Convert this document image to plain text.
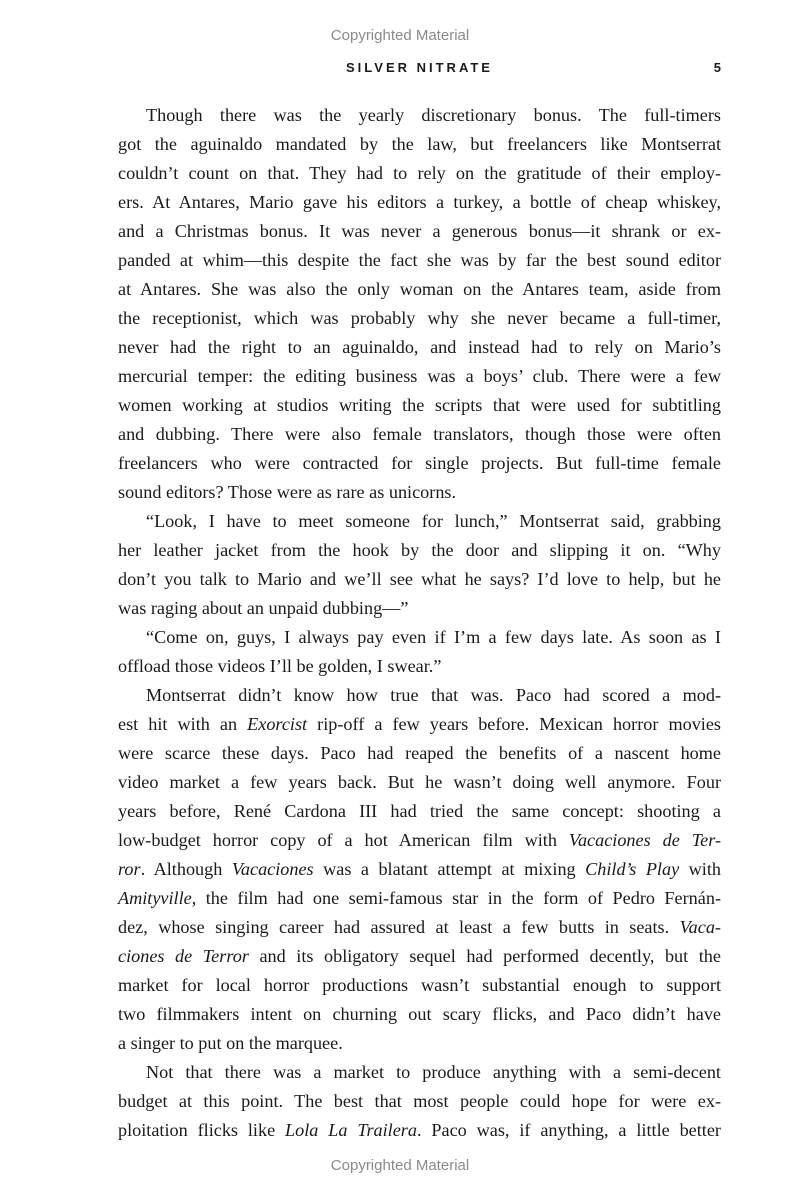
Copyrighted Material
SILVER NITRATE	5
Though there was the yearly discretionary bonus. The full-timers
got the aguinaldo mandated by the law, but freelancers like Montserrat
couldn’t count on that. They had to rely on the gratitude of their employ-
ers. At Antares, Mario gave his editors a turkey, a bottle of cheap whiskey,
and a Christmas bonus. It was never a generous bonus—it shrank or ex-
panded at whim—this despite the fact she was by far the best sound editor
at Antares. She was also the only woman on the Antares team, aside from
the receptionist, which was probably why she never became a full-timer,
never had the right to an aguinaldo, and instead had to rely on Mario’s
mercurial temper: the editing business was a boys’ club. There were a few
women working at studios writing the scripts that were used for subtitling
and dubbing. There were also female translators, though those were often
freelancers who were contracted for single projects. But full-time female
sound editors? Those were as rare as unicorns.
“Look, I have to meet someone for lunch,” Montserrat said, grabbing
her leather jacket from the hook by the door and slipping it on. “Why
don’t you talk to Mario and we’ll see what he says? I’d love to help, but he
was raging about an unpaid dubbing—”
“Come on, guys, I always pay even if I’m a few days late. As soon as I
offload those videos I’ll be golden, I swear.”
Montserrat didn’t know how true that was. Paco had scored a mod-
est hit with an Exorcist rip-off a few years before. Mexican horror movies
were scarce these days. Paco had reaped the benefits of a nascent home
video market a few years back. But he wasn’t doing well anymore. Four
years before, René Cardona III had tried the same concept: shooting a
low-budget horror copy of a hot American film with Vacaciones de Ter-
ror. Although Vacaciones was a blatant attempt at mixing Child’s Play with
Amityville, the film had one semi-famous star in the form of Pedro Fernán-
dez, whose singing career had assured at least a few butts in seats. Vaca-
ciones de Terror and its obligatory sequel had performed decently, but the
market for local horror productions wasn’t substantial enough to support
two filmmakers intent on churning out scary flicks, and Paco didn’t have
a singer to put on the marquee.
Not that there was a market to produce anything with a semi-decent
budget at this point. The best that most people could hope for were ex-
ploitation flicks like Lola La Trailera. Paco was, if anything, a little better
Copyrighted Material
